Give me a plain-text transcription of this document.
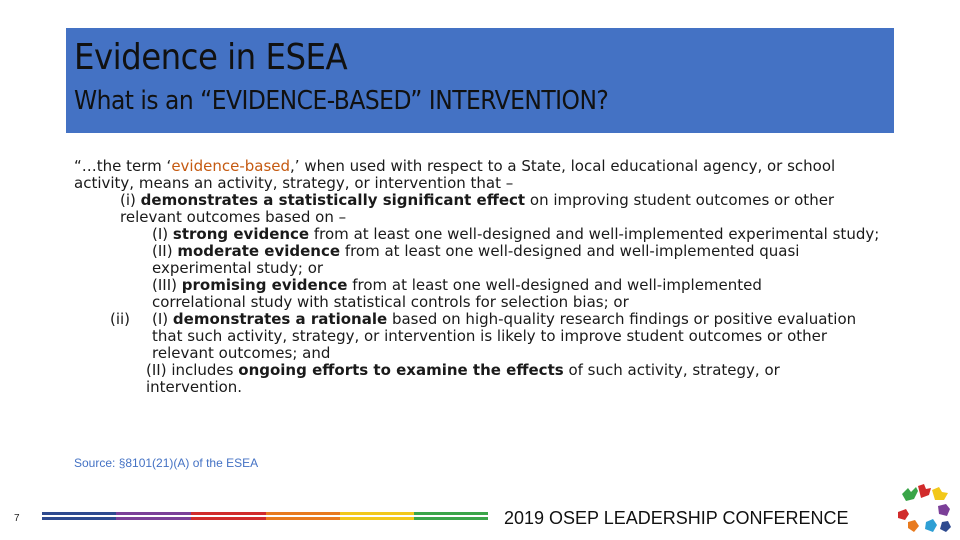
Evidence in ESEA
What is an “EVIDENCE-BASED” INTERVENTION?

“…the term ‘evidence-based,’ when used with respect to a State, local educational agency, or school activity, means an activity, strategy, or intervention that –

(i) demonstrates a statistically significant effect on improving student outcomes or other relevant outcomes based on –

(I) strong evidence from at least one well-designed and well-implemented experimental study;

(II) moderate evidence from at least one well-designed and well-implemented quasi experimental study; or

(III) promising evidence from at least one well-designed and well-implemented correlational study with statistical controls for selection bias; or

(ii)	(I) demonstrates a rationale based on high-quality research findings or positive evaluation that such activity, strategy, or intervention is likely to improve student outcomes or other relevant outcomes; and

(II) includes ongoing efforts to examine the effects of such activity, strategy, or intervention.

Source: §8101(21)(A) of the ESEA
7	2019 OSEP LEADERSHIP CONFERENCE
